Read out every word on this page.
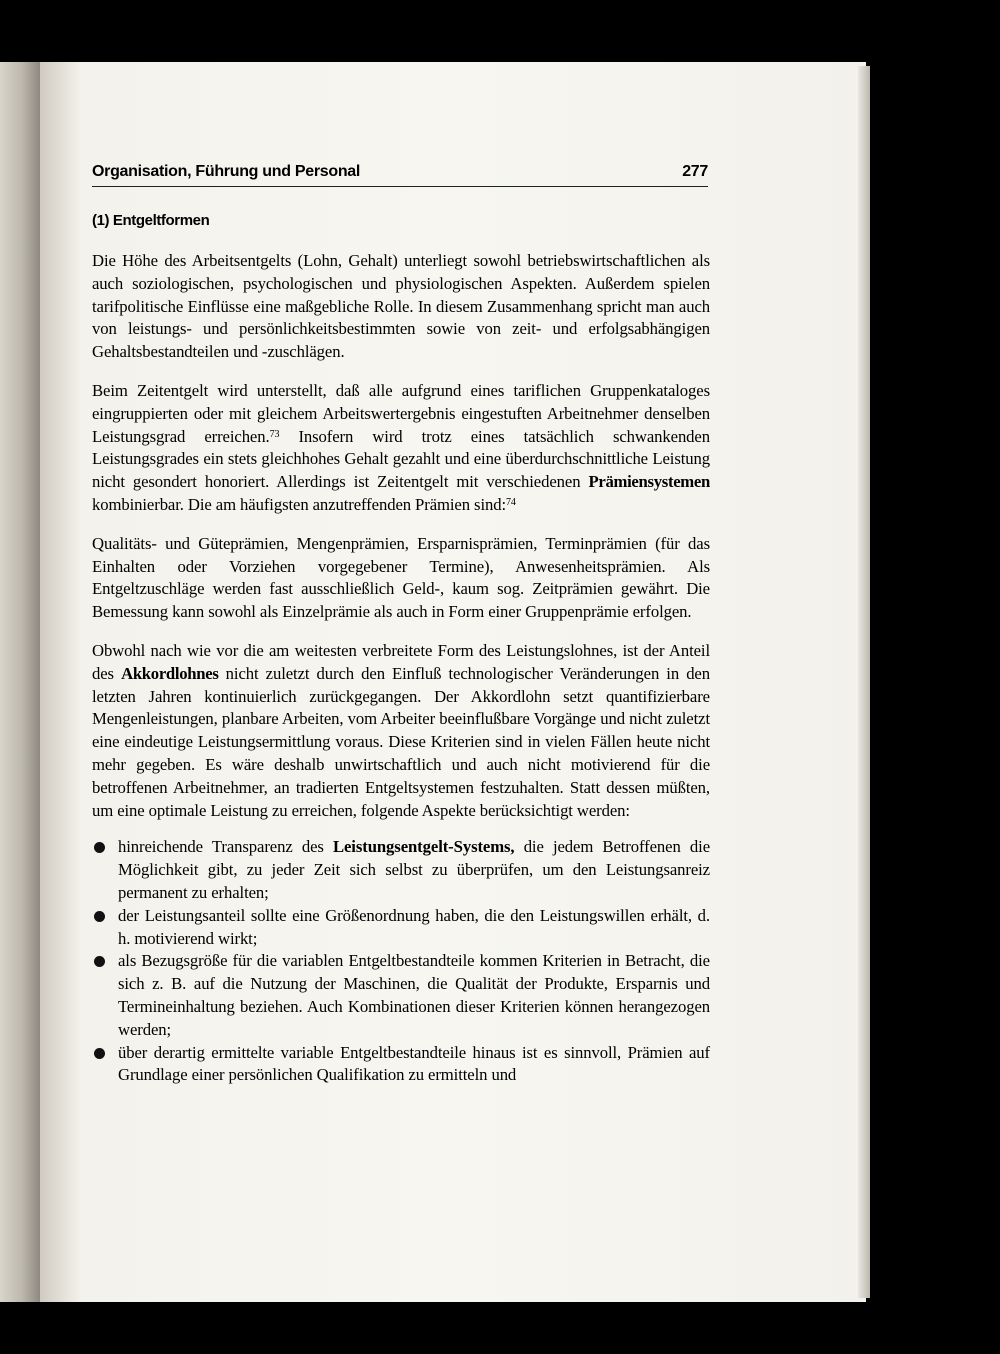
Organisation, Führung und Personal	277
(1) Entgeltformen

Die Höhe des Arbeitsentgelts (Lohn, Gehalt) unterliegt sowohl betriebswirtschaftlichen als auch soziologischen, psychologischen und physiologischen Aspekten. Außerdem spielen tarifpolitische Einflüsse eine maßgebliche Rolle. In diesem Zusammenhang spricht man auch von leistungs- und persönlichkeitsbestimmten sowie von zeit- und erfolgsabhängigen Gehaltsbestandteilen und -zuschlägen.

Beim Zeitentgelt wird unterstellt, daß alle aufgrund eines tariflichen Gruppenkataloges eingruppierten oder mit gleichem Arbeitswertergebnis eingestuften Arbeitnehmer denselben Leistungsgrad erreichen.$^{73}$ Insofern wird trotz eines tatsächlich schwankenden Leistungsgrades ein stets gleichhohes Gehalt gezahlt und eine überdurchschnittliche Leistung nicht gesondert honoriert. Allerdings ist Zeitentgelt mit verschiedenen Prämiensystemen kombinierbar. Die am häufigsten anzutreffenden Prämien sind:$^{74}$

Qualitäts- und Güteprämien, Mengenprämien, Ersparnisprämien, Terminprämien (für das Einhalten oder Vorziehen vorgegebener Termine), Anwesenheitsprämien. Als Entgeltzuschläge werden fast ausschließlich Geld-, kaum sog. Zeitprämien gewährt. Die Bemessung kann sowohl als Einzelprämie als auch in Form einer Gruppenprämie erfolgen.

Obwohl nach wie vor die am weitesten verbreitete Form des Leistungslohnes, ist der Anteil des Akkordlohnes nicht zuletzt durch den Einfluß technologischer Veränderungen in den letzten Jahren kontinuierlich zurückgegangen. Der Akkordlohn setzt quantifizierbare Mengenleistungen, planbare Arbeiten, vom Arbeiter beeinflußbare Vorgänge und nicht zuletzt eine eindeutige Leistungsermittlung voraus. Diese Kriterien sind in vielen Fällen heute nicht mehr gegeben. Es wäre deshalb unwirtschaftlich und auch nicht motivierend für die betroffenen Arbeitnehmer, an tradierten Entgeltsystemen festzuhalten. Statt dessen müßten, um eine optimale Leistung zu erreichen, folgende Aspekte berücksichtigt werden:

hinreichende Transparenz des Leistungsentgelt-Systems, die jedem Betroffenen die Möglichkeit gibt, zu jeder Zeit sich selbst zu überprüfen, um den Leistungsanreiz permanent zu erhalten;
der Leistungsanteil sollte eine Größenordnung haben, die den Leistungswillen erhält, d. h. motivierend wirkt;
als Bezugsgröße für die variablen Entgeltbestandteile kommen Kriterien in Betracht, die sich z. B. auf die Nutzung der Maschinen, die Qualität der Produkte, Ersparnis und Termineinhaltung beziehen. Auch Kombinationen dieser Kriterien können herangezogen werden;
über derartig ermittelte variable Entgeltbestandteile hinaus ist es sinnvoll, Prämien auf Grundlage einer persönlichen Qualifikation zu ermitteln und
